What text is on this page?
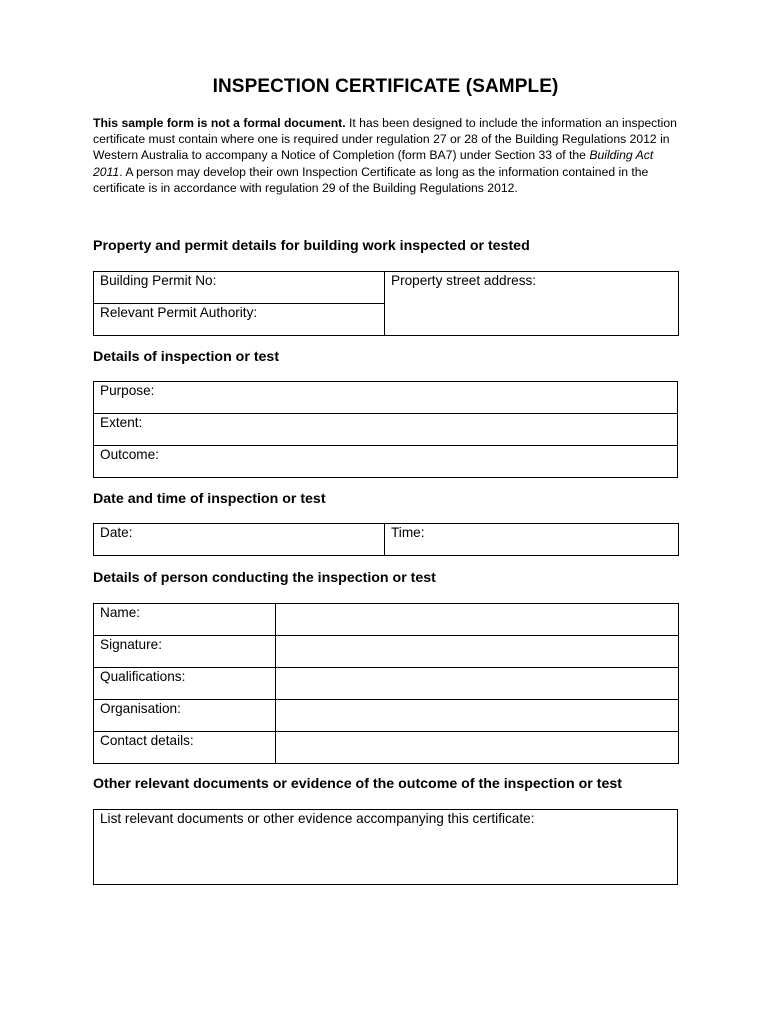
INSPECTION CERTIFICATE (SAMPLE)
This sample form is not a formal document. It has been designed to include the information an inspection certificate must contain where one is required under regulation 27 or 28 of the Building Regulations 2012 in Western Australia to accompany a Notice of Completion (form BA7) under Section 33 of the Building Act 2011. A person may develop their own Inspection Certificate as long as the information contained in the certificate is in accordance with regulation 29 of the Building Regulations 2012.
Property and permit details for building work inspected or tested
Building Permit No:	Property street address:
Relevant Permit Authority:
Details of inspection or test
Purpose:
Extent:
Outcome:
Date and time of inspection or test
Date:	Time:
Details of person conducting the inspection or test
Name:	
Signature:	
Qualifications:	
Organisation:	
Contact details:	
Other relevant documents or evidence of the outcome of the inspection or test
List relevant documents or other evidence accompanying this certificate:
